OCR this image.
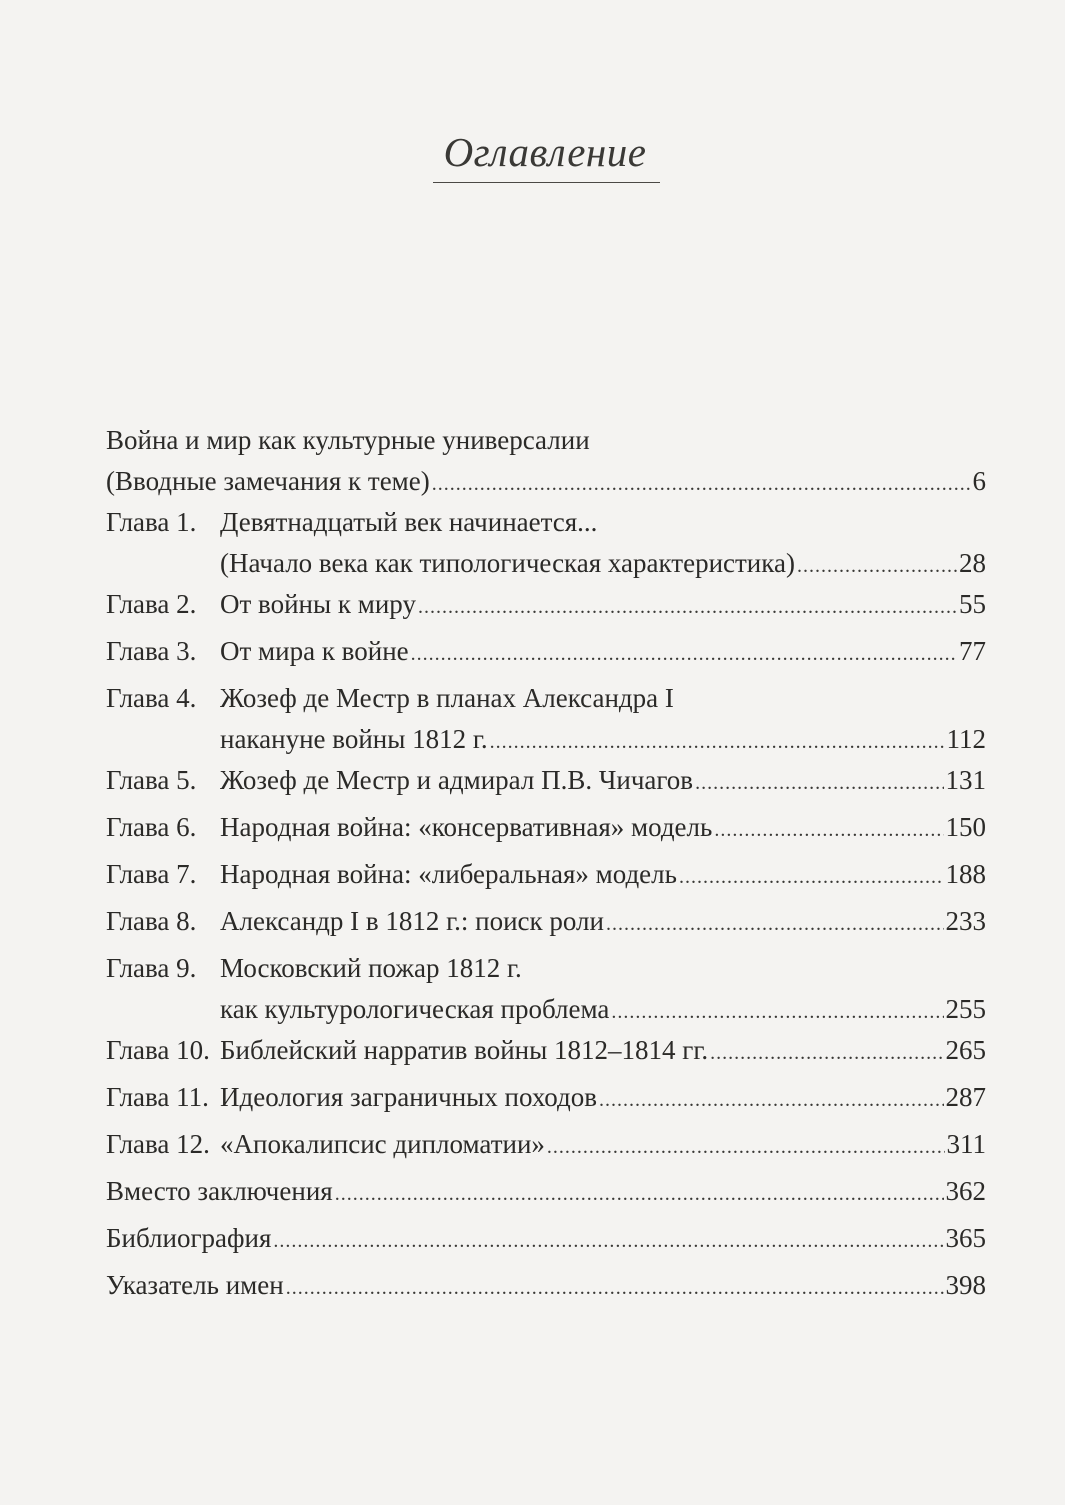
Оглавление
Война и мир как культурные универсалии
(Вводные замечания к теме) .....	6
Глава 1. Девятнадцатый век начинается...
(Начало века как типологическая характеристика) .....	28
Глава 2. От войны к миру .....	55
Глава 3. От мира к войне .....	77
Глава 4. Жозеф де Местр в планах Александра I
накануне войны 1812 г. .....	112
Глава 5. Жозеф де Местр и адмирал П.В. Чичагов .....	131
Глава 6. Народная война: «консервативная» модель .....	150
Глава 7. Народная война: «либеральная» модель .....	188
Глава 8. Александр I в 1812 г.: поиск роли .....	233
Глава 9. Московский пожар 1812 г.
как культурологическая проблема .....	255
Глава 10. Библейский нарратив войны 1812–1814 гг. .....	265
Глава 11. Идеология заграничных походов .....	287
Глава 12. «Апокалипсис дипломатии» .....	311
Вместо заключения .....	362
Библиография .....	365
Указатель имен .....	398
